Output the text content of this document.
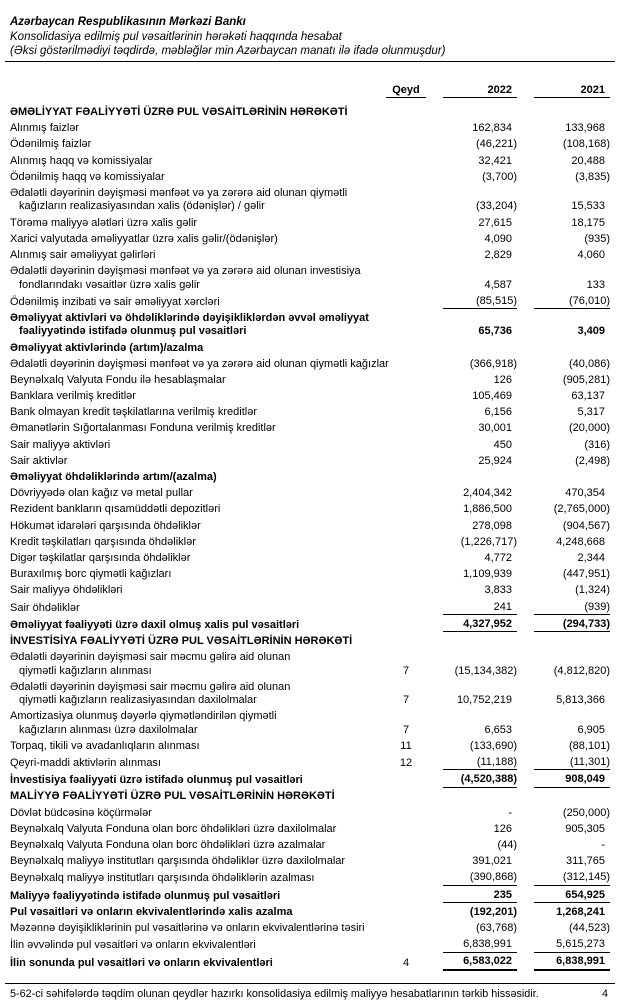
Azərbaycan Respublikasının Mərkəzi Bankı
Konsolidasiya edilmiş pul vəsaitlərinin hərəkəti haqqında hesabat
(Əksi göstərilmədiyi təqdirdə, məbləğlər min Azərbaycan manatı ilə ifadə olunmuşdur)
Qeyd	2022	2021
ƏMƏLİYYAT FƏALİYYƏTİ ÜZRƏ PUL VƏSAİTLƏRİNİN HƏRƏKƏTİ
Alınmış faizlər	162,834	133,968
Ödənilmiş faizlər	(46,221)	(108,168)
Alınmış haqq və komissiyalar	32,421	20,488
Ödənilmiş haqq və komissiyalar	(3,700)	(3,835)
Ədalətli dəyərinin dəyişməsi mənfəət və ya zərərə aid olunan qiymətli
kağızların realizasiyasından xalis (ödənişlər) / gəlir	(33,204)	15,533
Törəmə maliyyə alətləri üzrə xalis gəlir	27,615	18,175
Xarici valyutada əməliyyatlar üzrə xalis gəlir/(ödənişlər)	4,090	(935)
Alınmış sair əməliyyat gəlirləri	2,829	4,060
Ədalətli dəyərinin dəyişməsi mənfəət və ya zərərə aid olunan investisiya
fondlarındakı vəsaitlər üzrə xalis gəlir	4,587	133
Ödənilmiş inzibati və sair əməliyyat xərcləri	(85,515)	(76,010)
Əməliyyat aktivləri və öhdəliklərində dəyişikliklərdən əvvəl əməliyyat
fəaliyyətində istifadə olunmuş pul vəsaitləri	65,736	3,409
Əməliyyat aktivlərində (artım)/azalma
Ədalətli dəyərinin dəyişməsi mənfəət və ya zərərə aid olunan qiymətli kağızlar	(366,918)	(40,086)
Beynəlxalq Valyuta Fondu ilə hesablaşmalar	126	(905,281)
Banklara verilmiş kreditlər	105,469	63,137
Bank olmayan kredit təşkilatlarına verilmiş kreditlər	6,156	5,317
Əmanətlərin Sığortalanması Fonduna verilmiş kreditlər	30,001	(20,000)
Sair maliyyə aktivləri	450	(316)
Sair aktivlər	25,924	(2,498)
Əməliyyat öhdəliklərində artım/(azalma)
Dövriyyədə olan kağız və metal pullar	2,404,342	470,354
Rezident bankların qısamüddətli depozitləri	1,886,500	(2,765,000)
Hökumət idarələri qarşısında öhdəliklər	278,098	(904,567)
Kredit təşkilatları qarşısında öhdəliklər	(1,226,717)	4,248,668
Digər təşkilatlar qarşısında öhdəliklər	4,772	2,344
Buraxılmış borc qiymətli kağızları	1,109,939	(447,951)
Sair maliyyə öhdəlikləri	3,833	(1,324)
Sair öhdəliklər	241	(939)
Əməliyyat fəaliyyəti üzrə daxil olmuş xalis pul vəsaitləri	4,327,952	(294,733)
İNVESTİSİYA FƏALİYYƏTİ ÜZRƏ PUL VƏSAİTLƏRİNİN HƏRƏKƏTİ
Ədalətli dəyərinin dəyişməsi sair məcmu gəlirə aid olunan
qiymətli kağızların alınması	7	(15,134,382)	(4,812,820)
Ədalətli dəyərinin dəyişməsi sair məcmu gəlirə aid olunan
qiymətli kağızların realizasiyasından daxilolmalar	7	10,752,219	5,813,366
Amortizasiya olunmuş dəyərlə qiymətləndirilən qiymətli
kağızların alınması üzrə daxilolmalar	7	6,653	6,905
Torpaq, tikili və avadanlıqların alınması	11	(133,690)	(88,101)
Qeyri-maddi aktivlərin alınması	12	(11,188)	(11,301)
İnvestisiya fəaliyyəti üzrə istifadə olunmuş pul vəsaitləri	(4,520,388)	908,049
MALİYYƏ FƏALİYYƏTİ ÜZRƏ PUL VƏSAİTLƏRİNİN HƏRƏKƏTİ
Dövlət büdcəsinə köçürmələr	-	(250,000)
Beynəlxalq Valyuta Fonduna olan borc öhdəlikləri üzrə daxilolmalar	126	905,305
Beynəlxalq Valyuta Fonduna olan borc öhdəlikləri üzrə azalmalar	(44)	-
Beynəlxalq maliyyə institutları qarşısında öhdəliklər üzrə daxilolmalar	391,021	311,765
Beynəlxalq maliyyə institutları qarşısında öhdəliklərin azalması	(390,868)	(312,145)
Maliyyə fəaliyyətində istifadə olunmuş pul vəsaitləri	235	654,925
Pul vəsaitləri və onların ekvivalentlərində xalis azalma	(192,201)	1,268,241
Məzənnə dəyişikliklərinin pul vəsaitlərinə və onların ekvivalentlərinə təsiri	(63,768)	(44,523)
İlin əvvəlində pul vəsaitləri və onların ekvivalentləri	6,838,991	5,615,273
İlin sonunda pul vəsaitləri və onların ekvivalentləri	4	6,583,022	6,838,991
5-62-ci səhifələrdə təqdim olunan qeydlər hazırkı konsolidasiya edilmiş maliyyə hesabatlarının tərkib hissəsidir.	4
